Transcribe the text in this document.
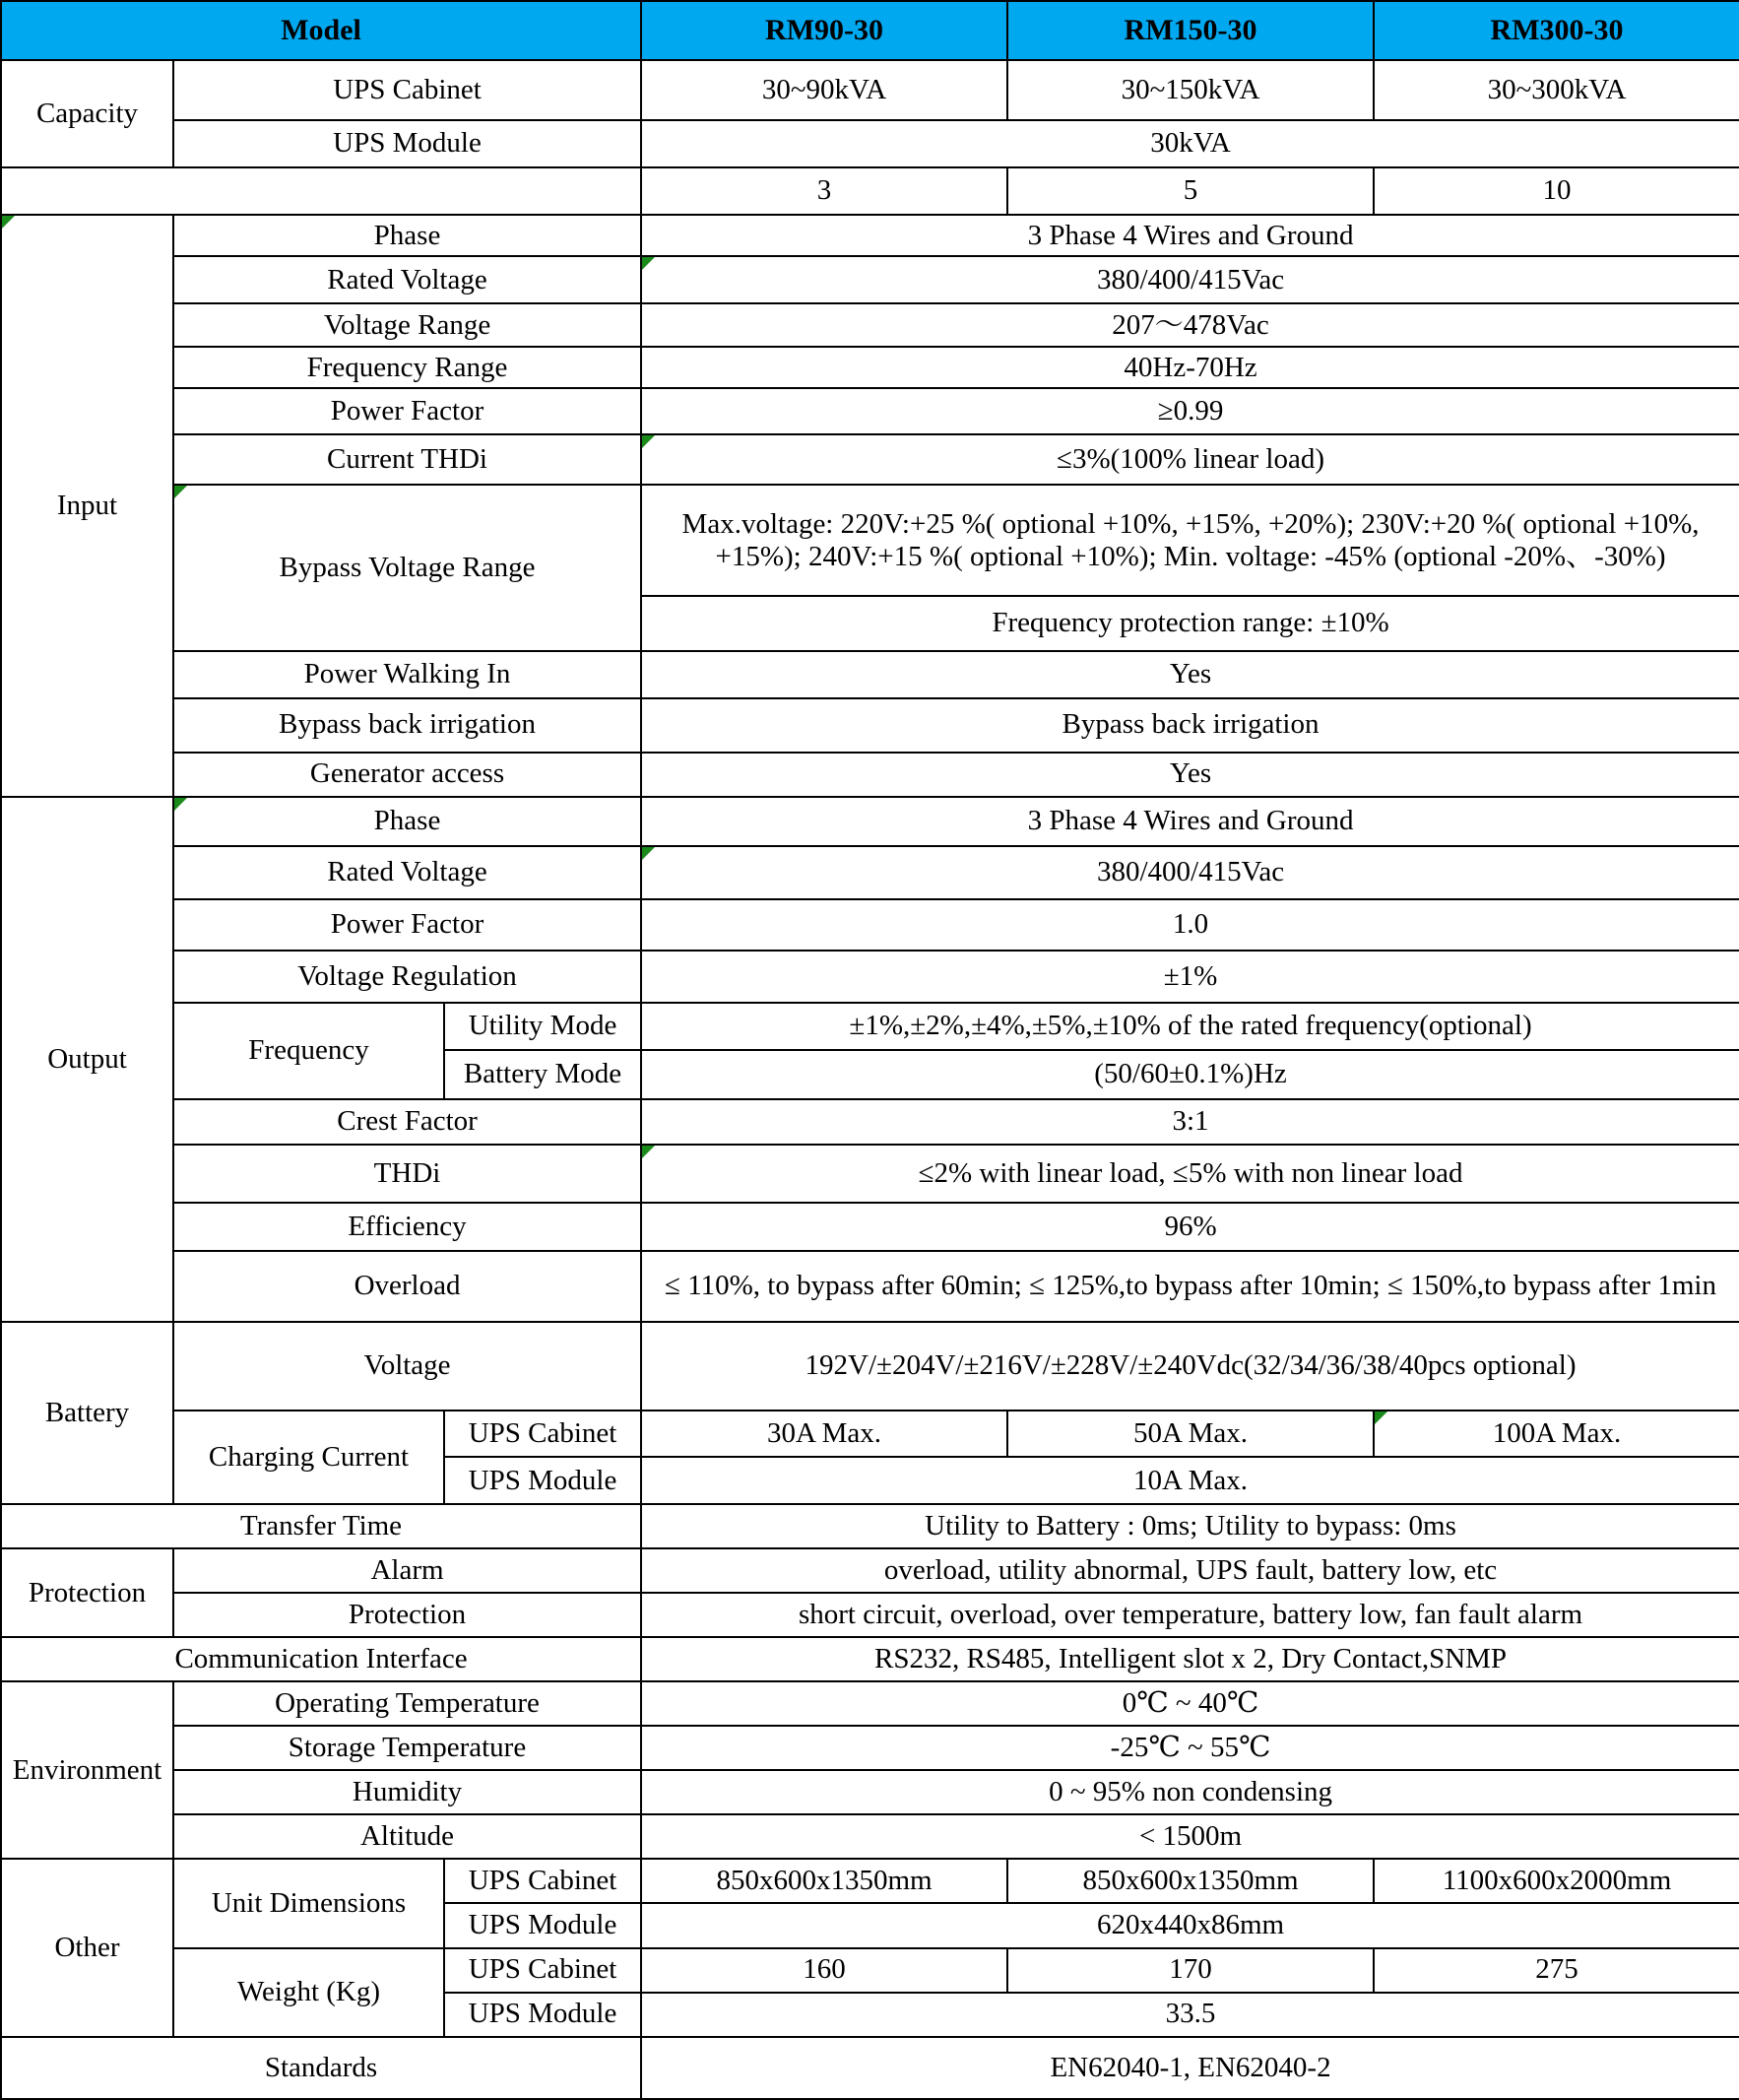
Model			RM90-30	RM150-30	RM300-30
Capacity	UPS Cabinet		30~90kVA	30~150kVA	30~300kVA
	UPS Module		30kVA		
			3	5	10
Input	Phase		3 Phase 4 Wires and Ground		
	Rated Voltage		380/400/415Vac		
	Voltage Range		207～478Vac		
	Frequency Range		40Hz-70Hz		
	Power Factor		≥0.99		
	Current THDi		≤3%(100% linear load)		
	Bypass Voltage Range		Max.voltage: 220V:+25 %( optional +10%, +15%, +20%); 230V:+20 %( optional +10%, +15%); 240V:+15 %( optional +10%); Min. voltage: -45% (optional -20%、-30%)		
			Frequency protection range: ±10%		
	Power Walking In		Yes		
	Bypass back irrigation		Bypass back irrigation		
	Generator access		Yes		
Output	Phase		3 Phase 4 Wires and Ground		
	Rated Voltage		380/400/415Vac		
	Power Factor		1.0		
	Voltage Regulation		±1%		
	Frequency	Utility Mode	±1%,±2%,±4%,±5%,±10% of the rated frequency(optional)		
		Battery Mode	(50/60±0.1%)Hz		
	Crest Factor		3:1		
	THDi		≤2% with linear load, ≤5% with non linear load		
	Efficiency		96%		
	Overload		≤ 110%, to bypass after 60min; ≤ 125%,to bypass after 10min; ≤ 150%,to bypass after 1min		
Battery	Voltage		192V/±204V/±216V/±228V/±240Vdc(32/34/36/38/40pcs optional)		
	Charging Current	UPS Cabinet	30A Max.	50A Max.	100A Max.
		UPS Module	10A Max.		
Transfer Time			Utility to Battery : 0ms; Utility to bypass: 0ms		
Protection	Alarm		overload, utility abnormal, UPS fault, battery low, etc		
	Protection		short circuit, overload, over temperature, battery low, fan fault alarm		
Communication Interface			RS232, RS485, Intelligent slot x 2, Dry Contact,SNMP		
Environment	Operating Temperature		0℃ ~ 40℃		
	Storage Temperature		-25℃ ~ 55℃		
	Humidity		0 ~ 95% non condensing		
	Altitude		< 1500m		
Other	Unit Dimensions	UPS Cabinet	850x600x1350mm	850x600x1350mm	1100x600x2000mm
		UPS Module	620x440x86mm		
	Weight (Kg)	UPS Cabinet	160	170	275
		UPS Module	33.5		
Standards			EN62040-1, EN62040-2		
